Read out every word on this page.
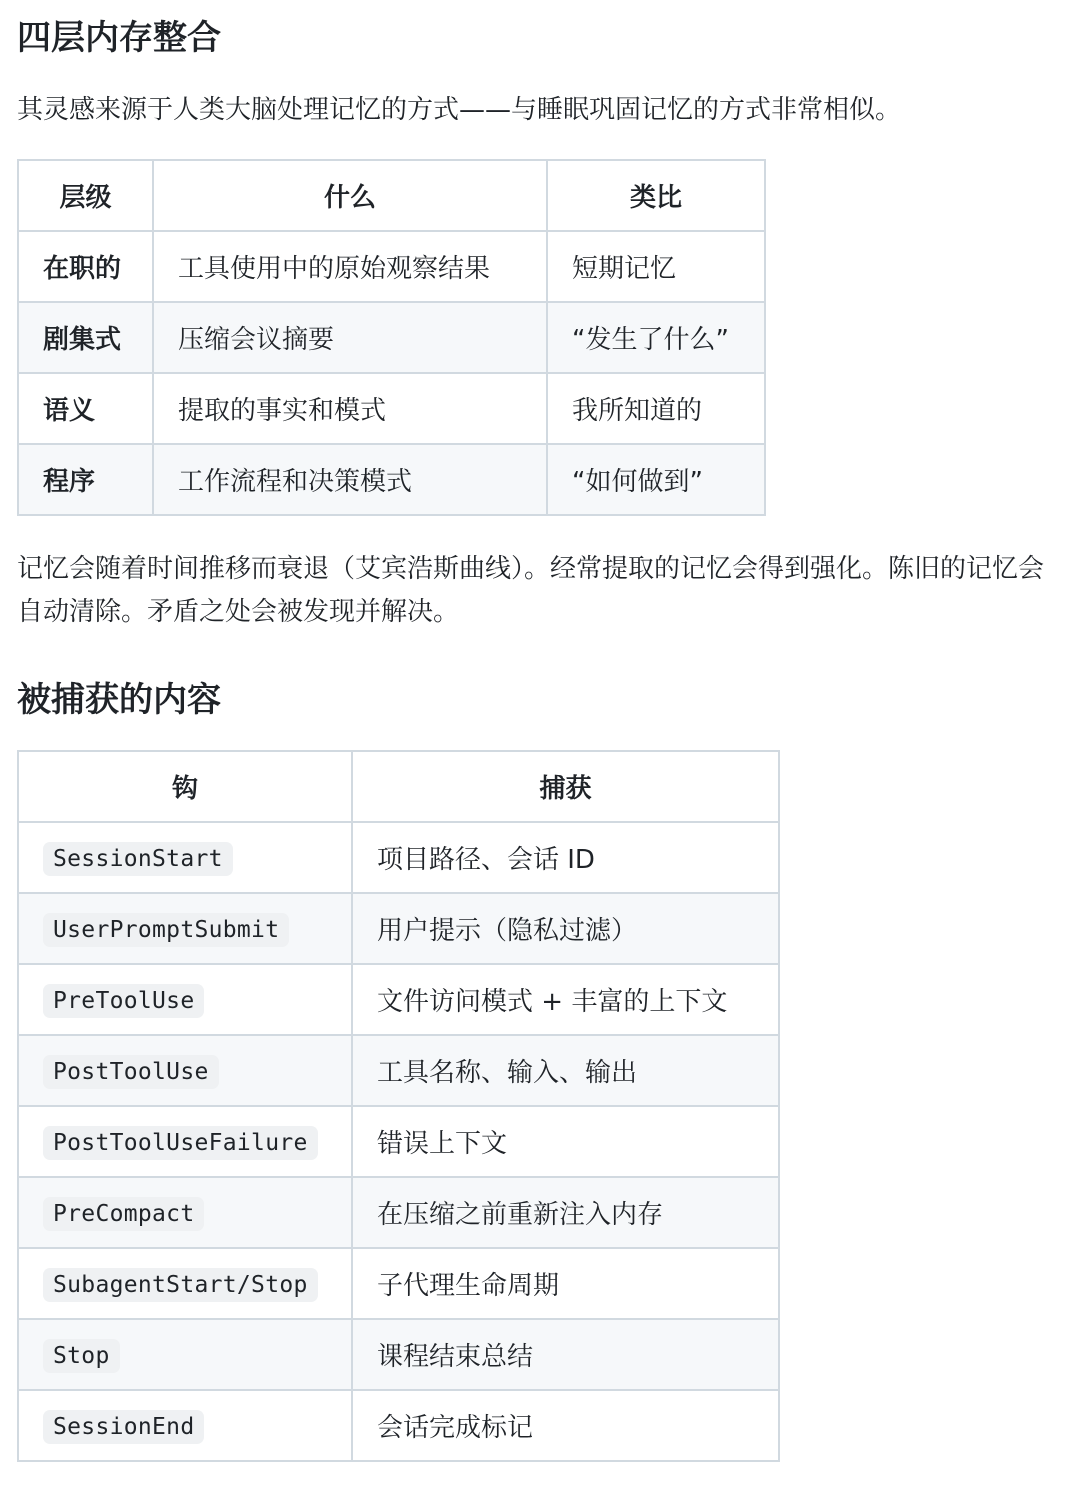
四层内存整合

其灵感来源于人类大脑处理记忆的方式——与睡眠巩固记忆的方式非常相似。

层级	什么	类比
在职的	工具使用中的原始观察结果	短期记忆
剧集式	压缩会议摘要	“发生了什么”
语义	提取的事实和模式	我所知道的
程序	工作流程和决策模式	“如何做到”

记忆会随着时间推移而衰退（艾宾浩斯曲线）。经常提取的记忆会得到强化。陈旧的记忆会自动清除。矛盾之处会被发现并解决。

被捕获的内容
钩	捕获
SessionStart	项目路径、会话 ID
UserPromptSubmit	用户提示（隐私过滤）
PreToolUse	文件访问模式 + 丰富的上下文
PostToolUse	工具名称、输入、输出
PostToolUseFailure	错误上下文
PreCompact	在压缩之前重新注入内存
SubagentStart/Stop	子代理生命周期
Stop	课程结束总结
SessionEnd	会话完成标记
